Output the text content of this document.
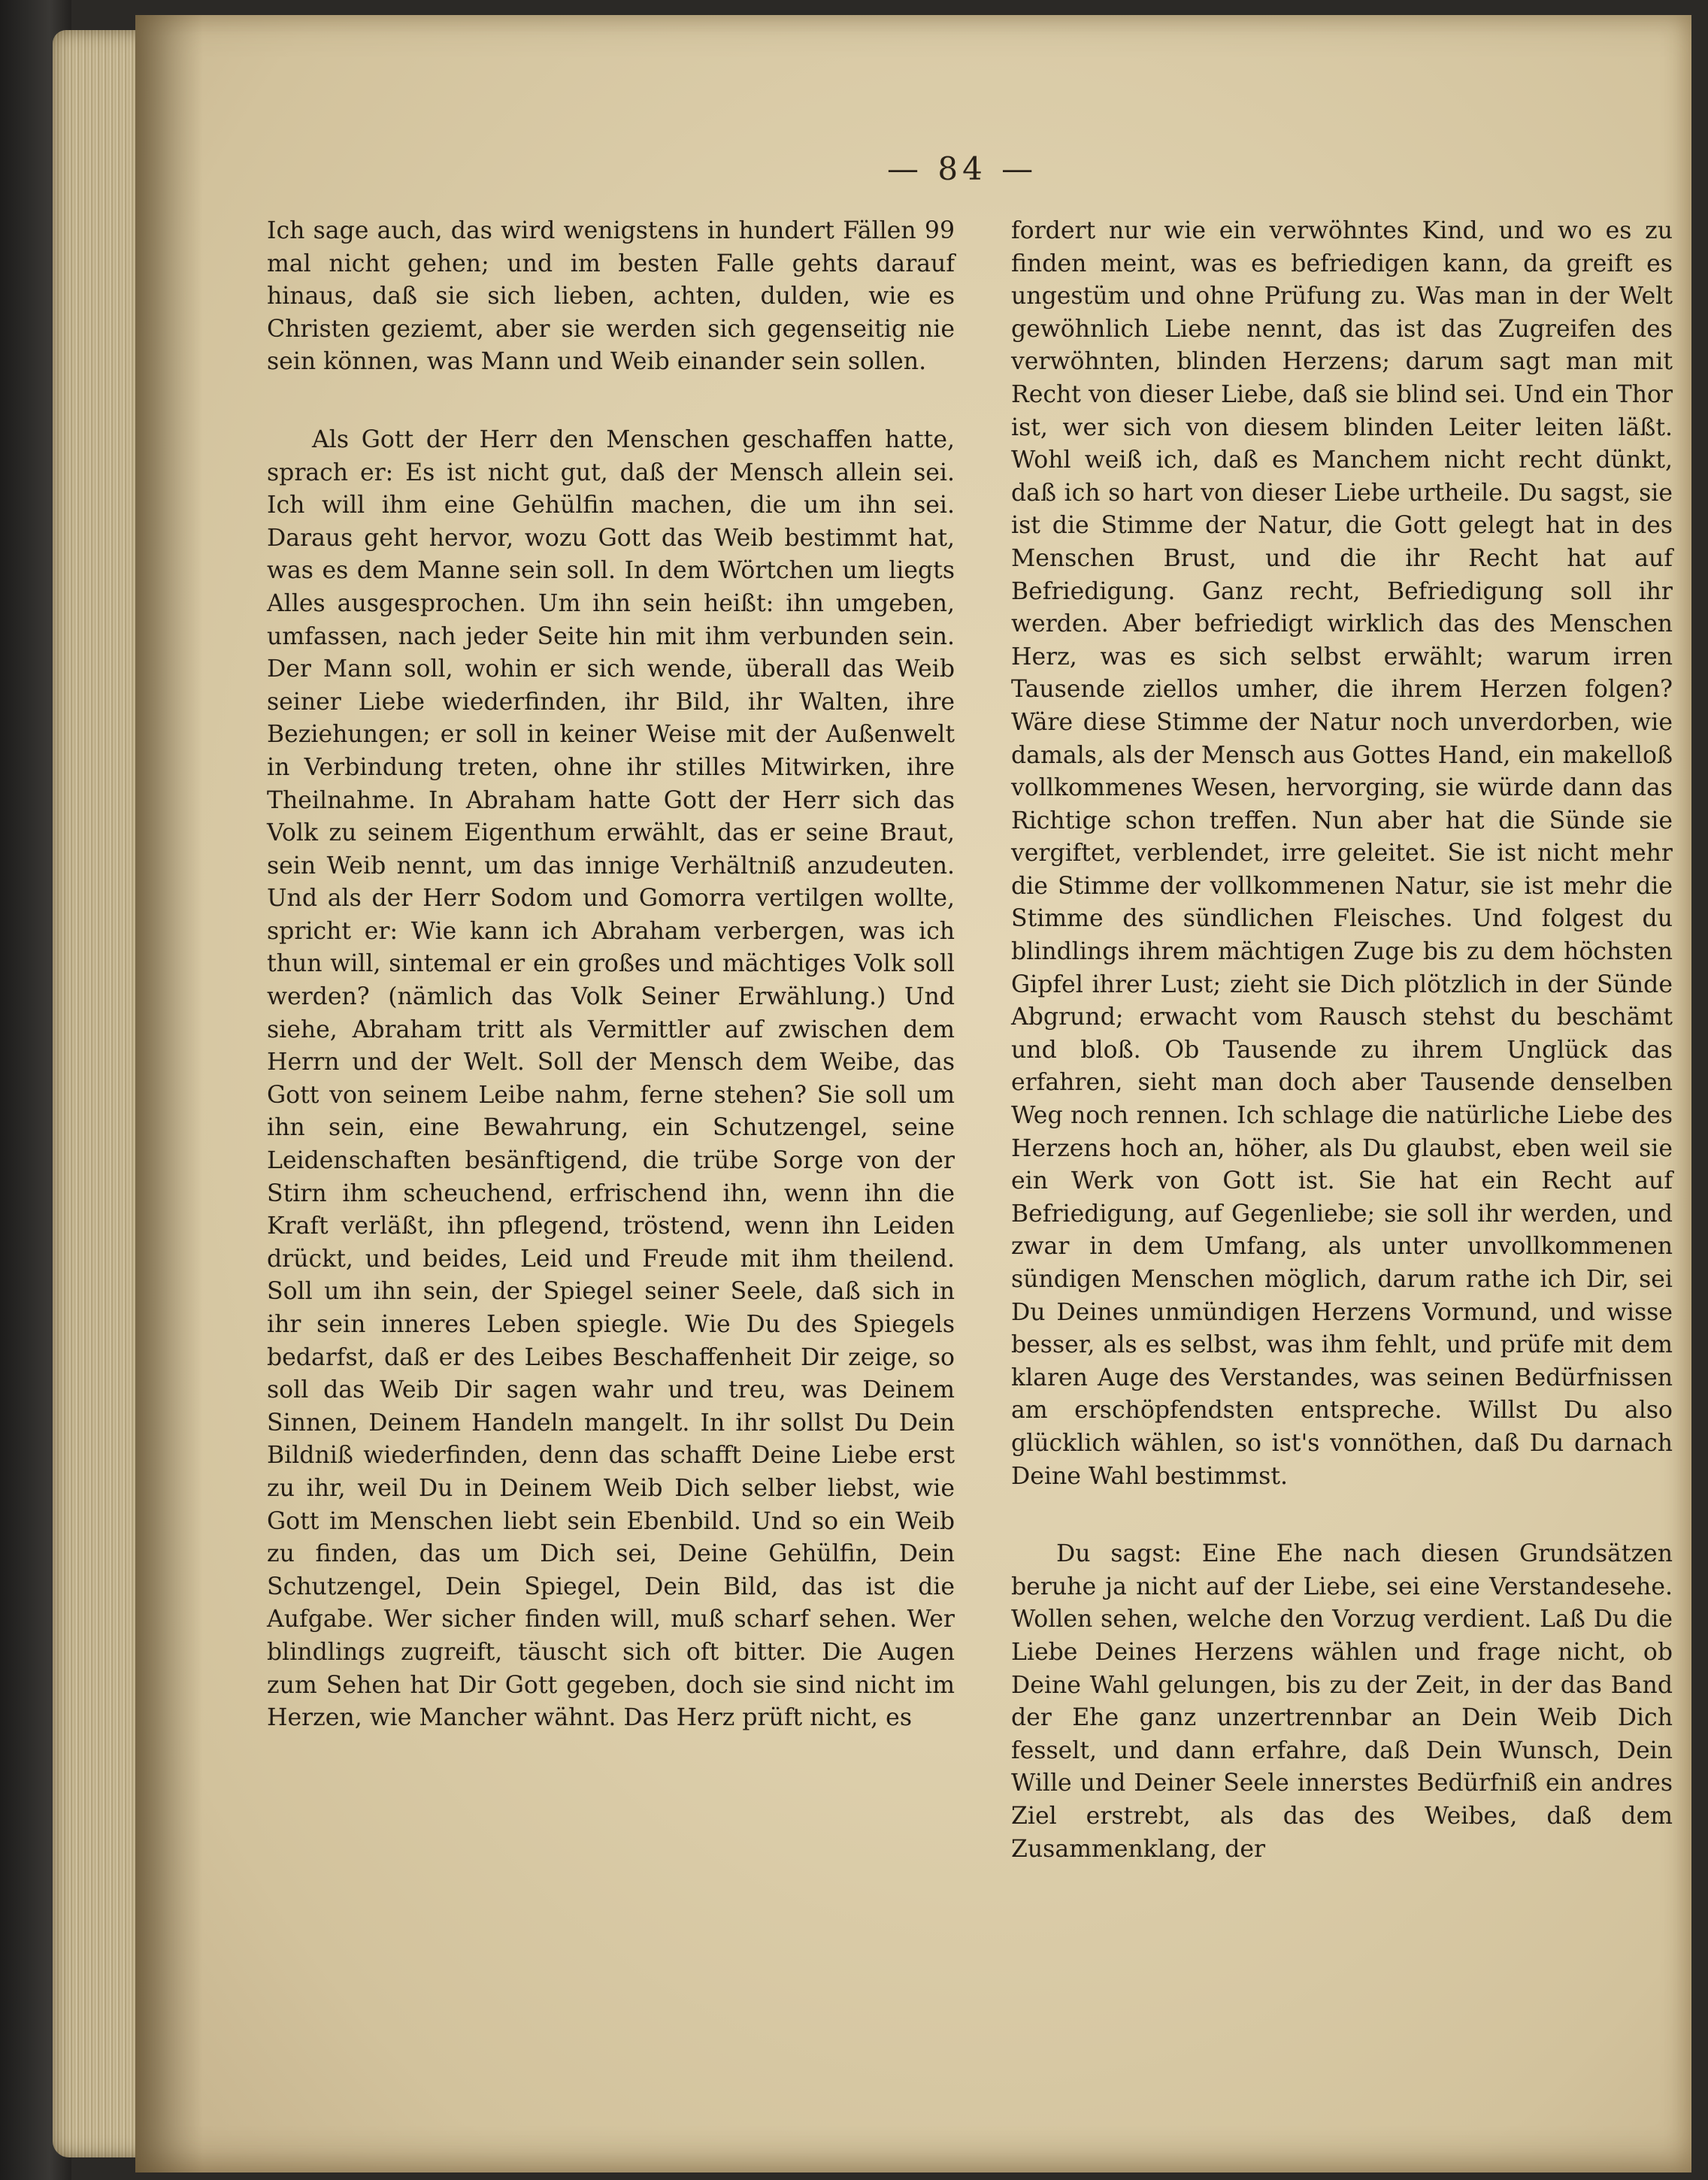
— 84 —

Ich sage auch, das wird wenigstens in hundert Fällen 99 mal nicht gehen; und im besten Falle gehts darauf hinaus, daß sie sich lieben, achten, dulden, wie es Christen geziemt, aber sie werden sich gegenseitig nie sein können, was Mann und Weib einander sein sollen.

Als Gott der Herr den Menschen geschaffen hatte, sprach er: Es ist nicht gut, daß der Mensch allein sei. Ich will ihm eine Gehülfin machen, die um ihn sei. Daraus geht hervor, wozu Gott das Weib bestimmt hat, was es dem Manne sein soll. In dem Wörtchen um liegts Alles ausgesprochen. Um ihn sein heißt: ihn umgeben, umfassen, nach jeder Seite hin mit ihm verbunden sein. Der Mann soll, wohin er sich wende, überall das Weib seiner Liebe wiederfinden, ihr Bild, ihr Walten, ihre Beziehungen; er soll in keiner Weise mit der Außenwelt in Verbindung treten, ohne ihr stilles Mitwirken, ihre Theilnahme. In Abraham hatte Gott der Herr sich das Volk zu seinem Eigenthum erwählt, das er seine Braut, sein Weib nennt, um das innige Verhältniß anzudeuten. Und als der Herr Sodom und Gomorra vertilgen wollte, spricht er: Wie kann ich Abraham verbergen, was ich thun will, sintemal er ein großes und mächtiges Volk soll werden? (nämlich das Volk Seiner Erwählung.) Und siehe, Abraham tritt als Vermittler auf zwischen dem Herrn und der Welt. Soll der Mensch dem Weibe, das Gott von seinem Leibe nahm, ferne stehen? Sie soll um ihn sein, eine Bewahrung, ein Schutzengel, seine Leidenschaften besänftigend, die trübe Sorge von der Stirn ihm scheuchend, erfrischend ihn, wenn ihn die Kraft verläßt, ihn pflegend, tröstend, wenn ihn Leiden drückt, und beides, Leid und Freude mit ihm theilend. Soll um ihn sein, der Spiegel seiner Seele, daß sich in ihr sein inneres Leben spiegle. Wie Du des Spiegels bedarfst, daß er des Leibes Beschaffenheit Dir zeige, so soll das Weib Dir sagen wahr und treu, was Deinem Sinnen, Deinem Handeln mangelt. In ihr sollst Du Dein Bildniß wiederfinden, denn das schafft Deine Liebe erst zu ihr, weil Du in Deinem Weib Dich selber liebst, wie Gott im Menschen liebt sein Ebenbild. Und so ein Weib zu finden, das um Dich sei, Deine Gehülfin, Dein Schutzengel, Dein Spiegel, Dein Bild, das ist die Aufgabe. Wer sicher finden will, muß scharf sehen. Wer blindlings zugreift, täuscht sich oft bitter. Die Augen zum Sehen hat Dir Gott gegeben, doch sie sind nicht im Herzen, wie Mancher wähnt. Das Herz prüft nicht, es

fordert nur wie ein verwöhntes Kind, und wo es zu finden meint, was es befriedigen kann, da greift es ungestüm und ohne Prüfung zu. Was man in der Welt gewöhnlich Liebe nennt, das ist das Zugreifen des verwöhnten, blinden Herzens; darum sagt man mit Recht von dieser Liebe, daß sie blind sei. Und ein Thor ist, wer sich von diesem blinden Leiter leiten läßt. Wohl weiß ich, daß es Manchem nicht recht dünkt, daß ich so hart von dieser Liebe urtheile. Du sagst, sie ist die Stimme der Natur, die Gott gelegt hat in des Menschen Brust, und die ihr Recht hat auf Befriedigung. Ganz recht, Befriedigung soll ihr werden. Aber befriedigt wirklich das des Menschen Herz, was es sich selbst erwählt; warum irren Tausende ziellos umher, die ihrem Herzen folgen? Wäre diese Stimme der Natur noch unverdorben, wie damals, als der Mensch aus Gottes Hand, ein makelloß vollkommenes Wesen, hervorging, sie würde dann das Richtige schon treffen. Nun aber hat die Sünde sie vergiftet, verblendet, irre geleitet. Sie ist nicht mehr die Stimme der vollkommenen Natur, sie ist mehr die Stimme des sündlichen Fleisches. Und folgest du blindlings ihrem mächtigen Zuge bis zu dem höchsten Gipfel ihrer Lust; zieht sie Dich plötzlich in der Sünde Abgrund; erwacht vom Rausch stehst du beschämt und bloß. Ob Tausende zu ihrem Unglück das erfahren, sieht man doch aber Tausende denselben Weg noch rennen. Ich schlage die natürliche Liebe des Herzens hoch an, höher, als Du glaubst, eben weil sie ein Werk von Gott ist. Sie hat ein Recht auf Befriedigung, auf Gegenliebe; sie soll ihr werden, und zwar in dem Umfang, als unter unvollkommenen sündigen Menschen möglich, darum rathe ich Dir, sei Du Deines unmündigen Herzens Vormund, und wisse besser, als es selbst, was ihm fehlt, und prüfe mit dem klaren Auge des Verstandes, was seinen Bedürfnissen am erschöpfendsten entspreche. Willst Du also glücklich wählen, so ist's vonnöthen, daß Du darnach Deine Wahl bestimmst.

Du sagst: Eine Ehe nach diesen Grundsätzen beruhe ja nicht auf der Liebe, sei eine Verstandesehe. Wollen sehen, welche den Vorzug verdient. Laß Du die Liebe Deines Herzens wählen und frage nicht, ob Deine Wahl gelungen, bis zu der Zeit, in der das Band der Ehe ganz unzertrennbar an Dein Weib Dich fesselt, und dann erfahre, daß Dein Wunsch, Dein Wille und Deiner Seele innerstes Bedürfniß ein andres Ziel erstrebt, als das des Weibes, daß dem Zusammenklang, der
